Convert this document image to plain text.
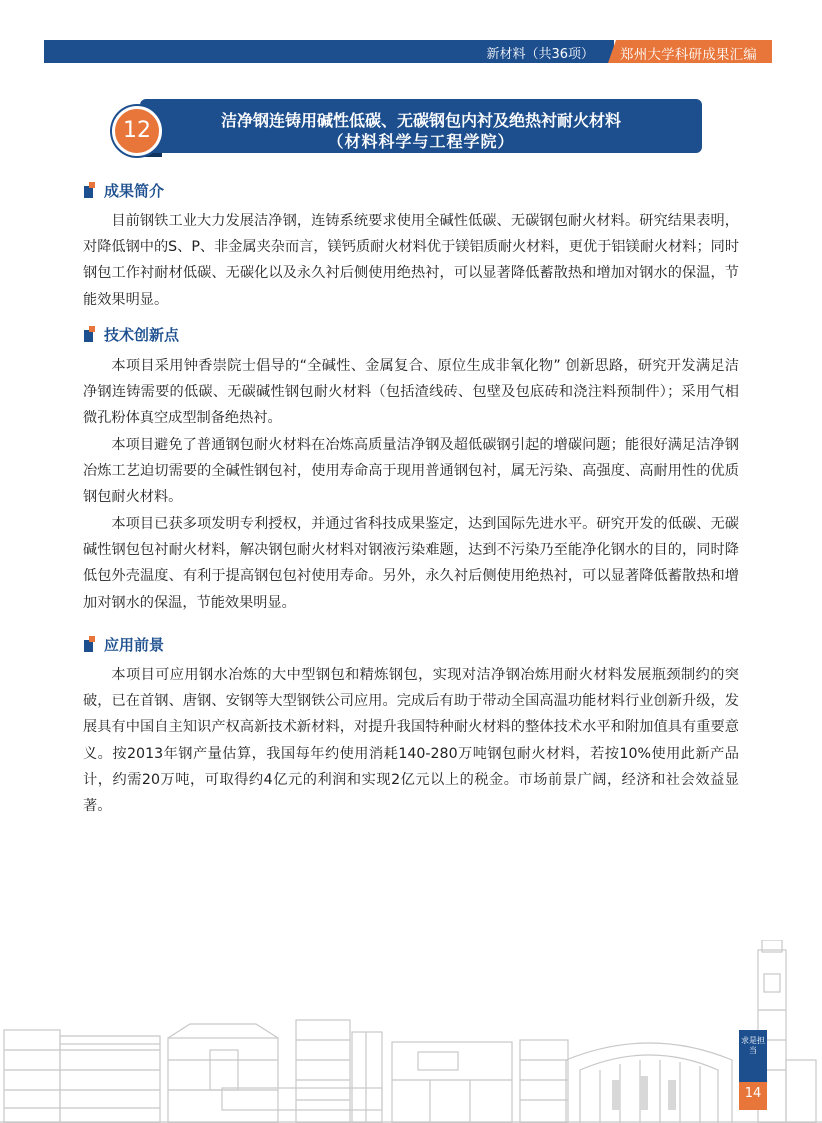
新材料（共36项） 郑州大学科研成果汇编
12	洁净钢连铸用碱性低碳、无碳钢包内衬及绝热衬耐火材料
（材料科学与工程学院）
成果简介

目前钢铁工业大力发展洁净钢，连铸系统要求使用全碱性低碳、无碳钢包耐火材料。研究结果表明，对降低钢中的S、P、非金属夹杂而言，镁钙质耐火材料优于镁铝质耐火材料，更优于铝镁耐火材料；同时钢包工作衬耐材低碳、无碳化以及永久衬后侧使用绝热衬，可以显著降低蓄散热和增加对钢水的保温，节能效果明显。

技术创新点

本项目采用钟香崇院士倡导的“全碱性、金属复合、原位生成非氧化物” 创新思路，研究开发满足洁净钢连铸需要的低碳、无碳碱性钢包耐火材料（包括渣线砖、包壁及包底砖和浇注料预制件）；采用气相微孔粉体真空成型制备绝热衬。

本项目避免了普通钢包耐火材料在冶炼高质量洁净钢及超低碳钢引起的增碳问题；能很好满足洁净钢冶炼工艺迫切需要的全碱性钢包衬，使用寿命高于现用普通钢包衬，属无污染、高强度、高耐用性的优质钢包耐火材料。

本项目已获多项发明专利授权，并通过省科技成果鉴定，达到国际先进水平。研究开发的低碳、无碳碱性钢包包衬耐火材料，解决钢包耐火材料对钢液污染难题，达到不污染乃至能净化钢水的目的，同时降低包外壳温度、有利于提高钢包包衬使用寿命。另外，永久衬后侧使用绝热衬，可以显著降低蓄散热和增加对钢水的保温，节能效果明显。

应用前景

本项目可应用钢水冶炼的大中型钢包和精炼钢包，实现对洁净钢冶炼用耐火材料发展瓶颈制约的突破，已在首钢、唐钢、安钢等大型钢铁公司应用。完成后有助于带动全国高温功能材料行业创新升级，发展具有中国自主知识产权高新技术新材料，对提升我国特种耐火材料的整体技术水平和附加值具有重要意义。按2013年钢产量估算，我国每年约使用消耗140-280万吨钢包耐火材料，若按10%使用此新产品计，约需20万吨，可取得约4亿元的利润和实现2亿元以上的税金。市场前景广阔，经济和社会效益显著。

求是担当
14
